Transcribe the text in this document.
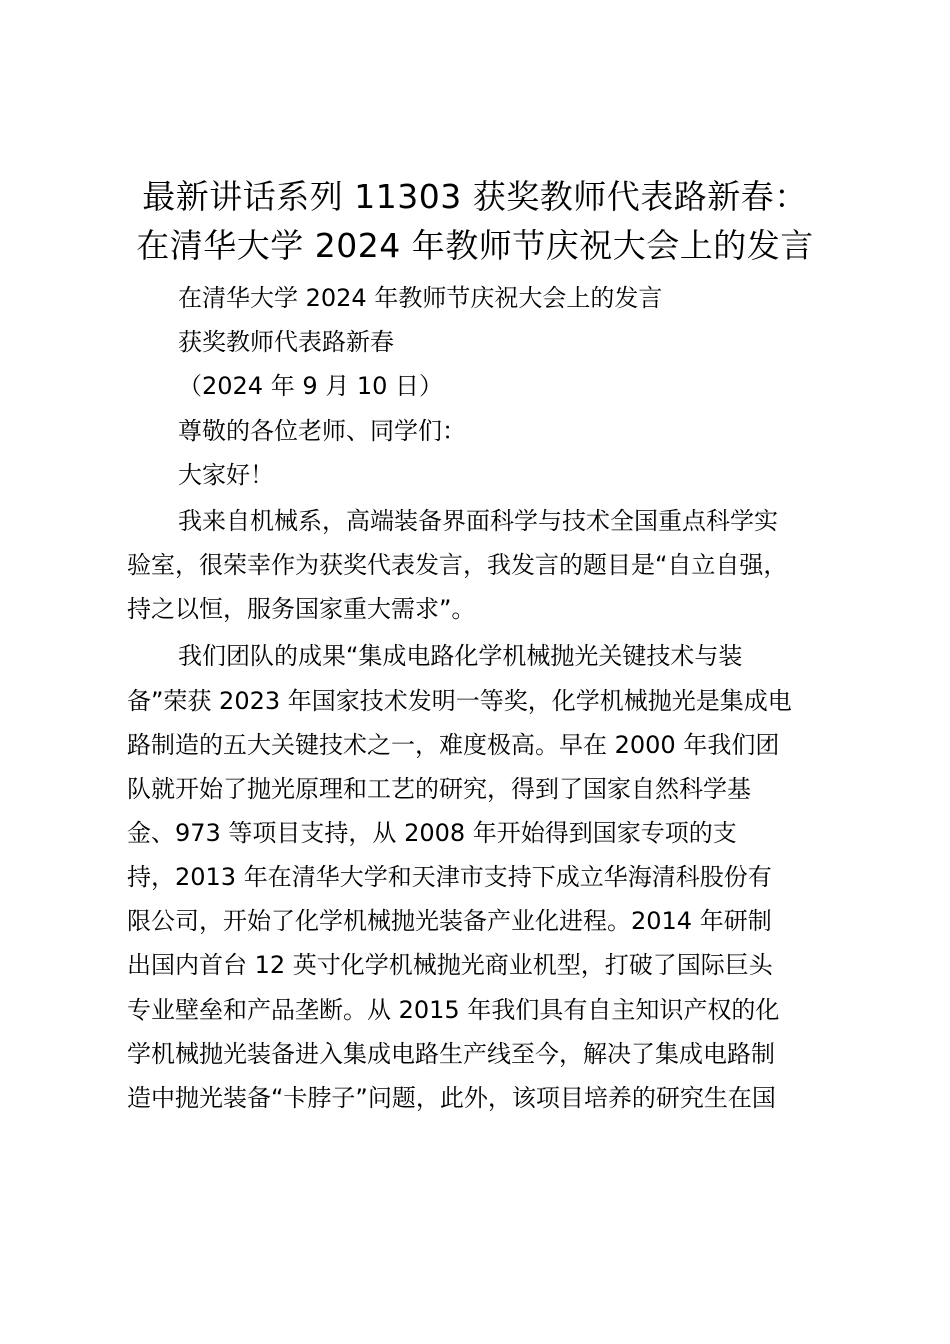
最新讲话系列 11303 获奖教师代表路新春：
在清华大学 2024 年教师节庆祝大会上的发言
在清华大学 2024 年教师节庆祝大会上的发言
获奖教师代表路新春
（2024 年 9 月 10 日）
尊敬的各位老师、同学们：
大家好！
我来自机械系，高端装备界面科学与技术全国重点科学实
验室，很荣幸作为获奖代表发言，我发言的题目是“自立自强，
持之以恒，服务国家重大需求”。
我们团队的成果“集成电路化学机械抛光关键技术与装
备”荣获 2023 年国家技术发明一等奖，化学机械抛光是集成电
路制造的五大关键技术之一，难度极高。早在 2000 年我们团
队就开始了抛光原理和工艺的研究，得到了国家自然科学基
金、973 等项目支持，从 2008 年开始得到国家专项的支
持，2013 年在清华大学和天津市支持下成立华海清科股份有
限公司，开始了化学机械抛光装备产业化进程。2014 年研制
出国内首台 12 英寸化学机械抛光商业机型，打破了国际巨头
专业壁垒和产品垄断。从 2015 年我们具有自主知识产权的化
学机械抛光装备进入集成电路生产线至今，解决了集成电路制
造中抛光装备“卡脖子”问题，此外，该项目培养的研究生在国
